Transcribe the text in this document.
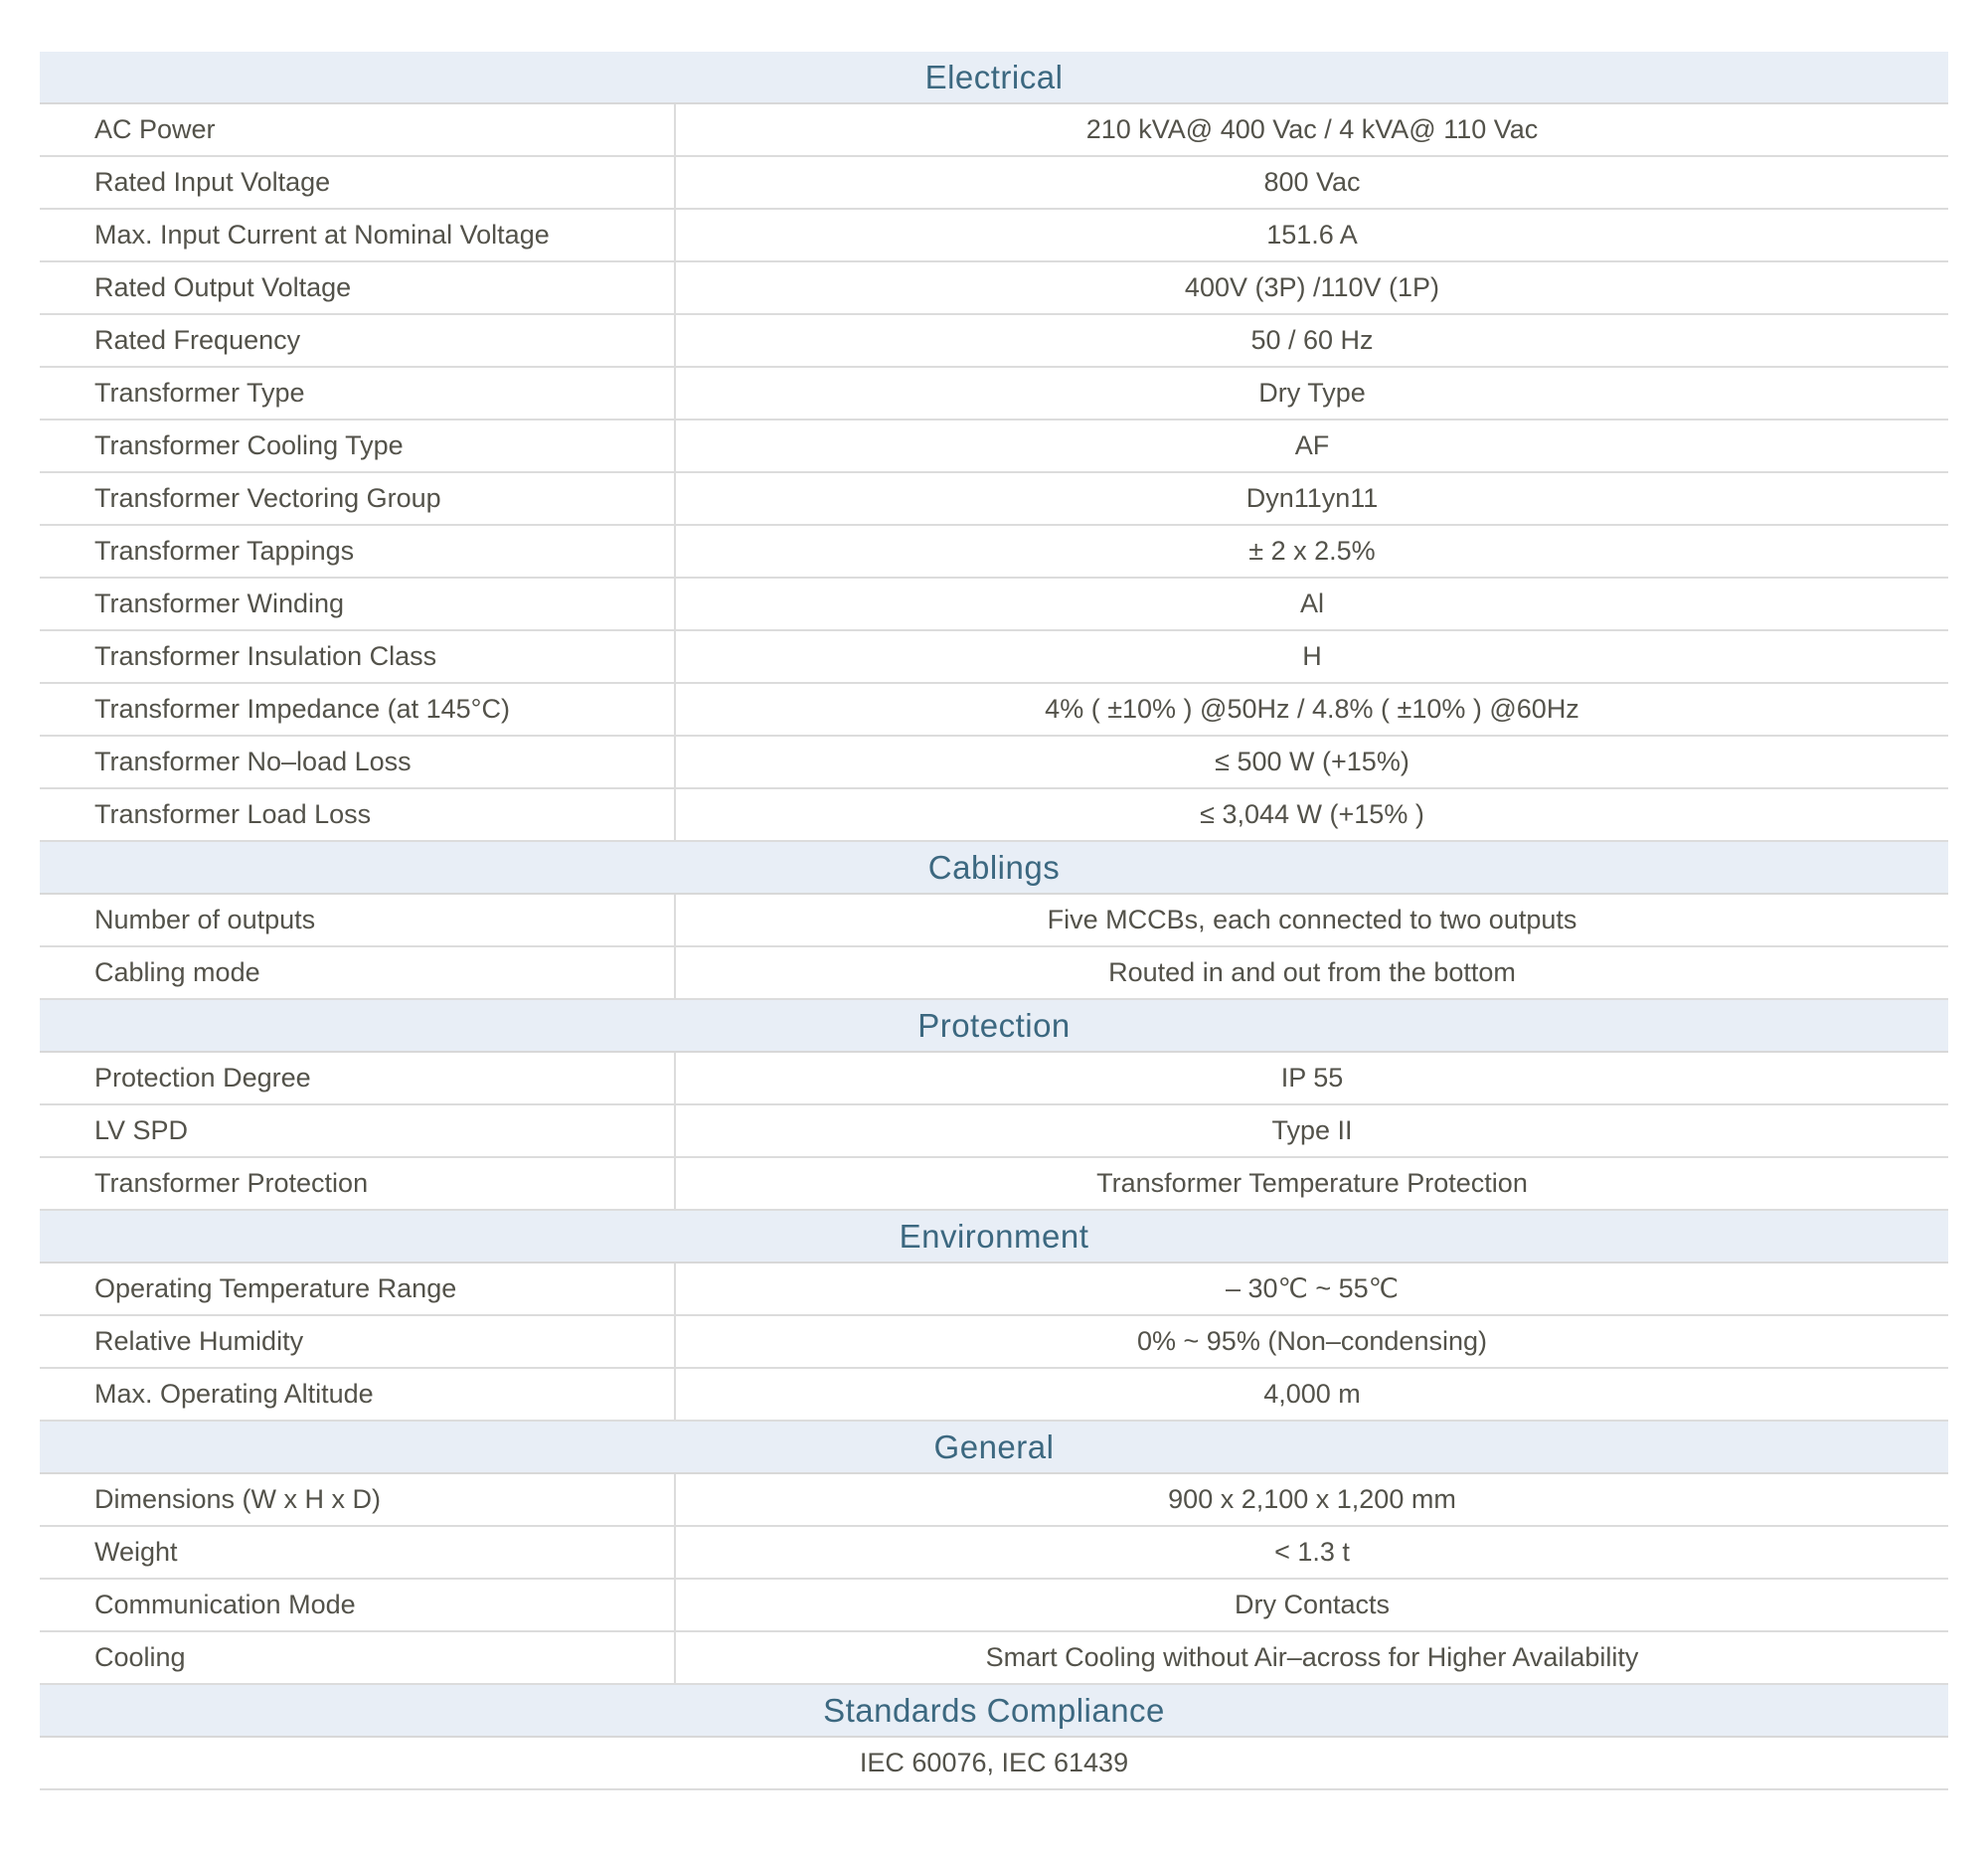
Electrical
AC Power	210 kVA@ 400 Vac / 4 kVA@ 110 Vac
Rated Input Voltage	800 Vac
Max. Input Current at Nominal Voltage	151.6 A
Rated Output Voltage	400V (3P) /110V (1P)
Rated Frequency	50 / 60 Hz
Transformer Type	Dry Type
Transformer Cooling Type	AF
Transformer Vectoring Group	Dyn11yn11
Transformer Tappings	± 2 x 2.5%
Transformer Winding	Al
Transformer Insulation Class	H
Transformer Impedance (at 145°C)	4% ( ±10% ) @50Hz / 4.8% ( ±10% ) @60Hz
Transformer No–load Loss	≤ 500 W (+15%)
Transformer Load Loss	≤ 3,044 W (+15% )
Cablings
Number of outputs	Five MCCBs, each connected to two outputs
Cabling mode	Routed in and out from the bottom
Protection
Protection Degree	IP 55
LV SPD	Type II
Transformer Protection	Transformer Temperature Protection
Environment
Operating Temperature Range	– 30℃ ~ 55℃
Relative Humidity	0% ~ 95% (Non–condensing)
Max. Operating Altitude	4,000 m
General
Dimensions (W x H x D)	900 x 2,100 x 1,200 mm
Weight	< 1.3 t
Communication Mode	Dry Contacts
Cooling	Smart Cooling without Air–across for Higher Availability
Standards Compliance
IEC 60076, IEC 61439
